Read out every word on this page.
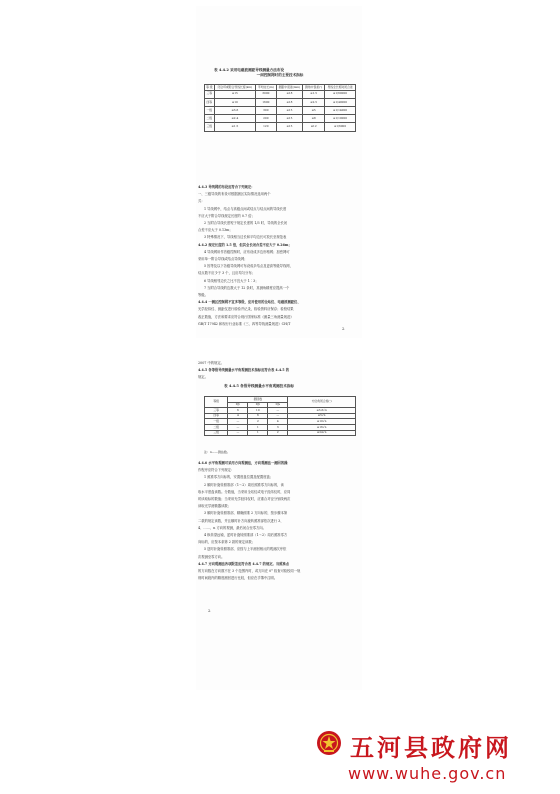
表 4.4.2 采用电磁波测距导线测量方法布设

一面控制网时的主要技术指标

等 级	闭合环或附合导线长度(km)	平均边长(m)	测距中误差(mm)	测角中误差(″)	导线全长相对闭合差
三等	≤15	3000	≤18	≤1.5	≤1/60000
四等	≤10	1600	≤18	≤2.5	≤1/40000
一级	≤3.6	300	≤15	≤5	≤1/14000
二级	≤2.4	200	≤15	≤8	≤1/10000
三级	≤1.5	120	≤15	≤12	≤1/6000

4.4.3 导线网的布设应符合下列规定：

一、三级导线的布设可根据测区实际情况选用两个

式：

1 导线网中，结点与高级点间或结点与结点间的导线长度

不应大于附合导线规定长度的 0.7 倍；

2 当附合导线长度短于规定长度的 1/3 时，导线的全长闭

合差不应大于 0.13m；

3 特殊情况下，导线相当边长和平均边长可放长至规范表

4.4.2 规定长度的 1.5 倍，但其全长闭合差不应大于 0.26m；

4 导线网用作首级控制时，应布设成多边形格网；加密网可

采用单一附合导线或结点导线网；

5 因等及以下各级导线网可布设成多结点及更高等级导线网，

结点数不应少于 3 个，且应均匀分布；

6 导线相邻边长之比不宜大于 1∶3；

7 当附合导线的边数大于 12 条时，其测角精度应提高一个

等级。

4.4.4 一测区控制网不宜多等级，应对使用的全站仪、电磁波测距仪、

光学经纬仪、测距仪进行检验并记录，检验资料应保存；检校结果

改正数值，方法和要求应符合现行国家标准《测量三角测量规范》

GB/T 17942 和现行行业标准《三、四等导线测量规范》CH/T

2

2007 中的规定。

4.4.5 各等级导线测量水平角观测技术指标应符合表 4.4.5 的

规定。

表 4.4.5 各级导线测量水平角观测技术指标

等级	测回数			方位角闭合差(″)
	DJ₁	DJ₂	DJ₆	
三等	6	10	—	≤3.6√n
四等	4	6	—	≤5√n
一级	—	2	4	≤10√n
二级	—	1	3	≤16√n
三级	—	1	2	≤24√n

注：n——测站数。

4.4.6 水平角观测可采用方向观测法，方向观测法一测回的操

作程序应符合下列规定：

1 照准零方向标的，安置度盘位置及配置度盘；

2 顺时针旋转照准部（1～2）周后照准零方向标的，读

取水平度盘读数。分数值，当采用全站仪或电子经纬仪时，应同

时读取标的数值；当采用光学经纬仪时，应重合对径分划线两次

读取光学测微器读数；

3 顺时针旋转照准部，精确照准 2 方向标的，按步骤本第

二款的规定读数，并且顺时针方向旋转照准部依次进行 3、

4、……、n 方向的观测，最后闭合至零方向。

4 纵转望远镜，逆时针旋转照准部（1～2）周后照准零方

向标的，应按本条第 2 款的规定读数；

5 逆时针旋转照准部，应按与上半测回相反的观测次序依

次观测至零方向。

4.4.7 方向观测法各项限差应符合表 4.4.7 的规定。当照准点

的方向数在方向数不在 3 个范围内时，或方向在 0° 检查可检校同一规

则时间段内的精度测回进行比较，但应在手簿中注明。

2
五河县政府网
www.wuhe.gov.cn
